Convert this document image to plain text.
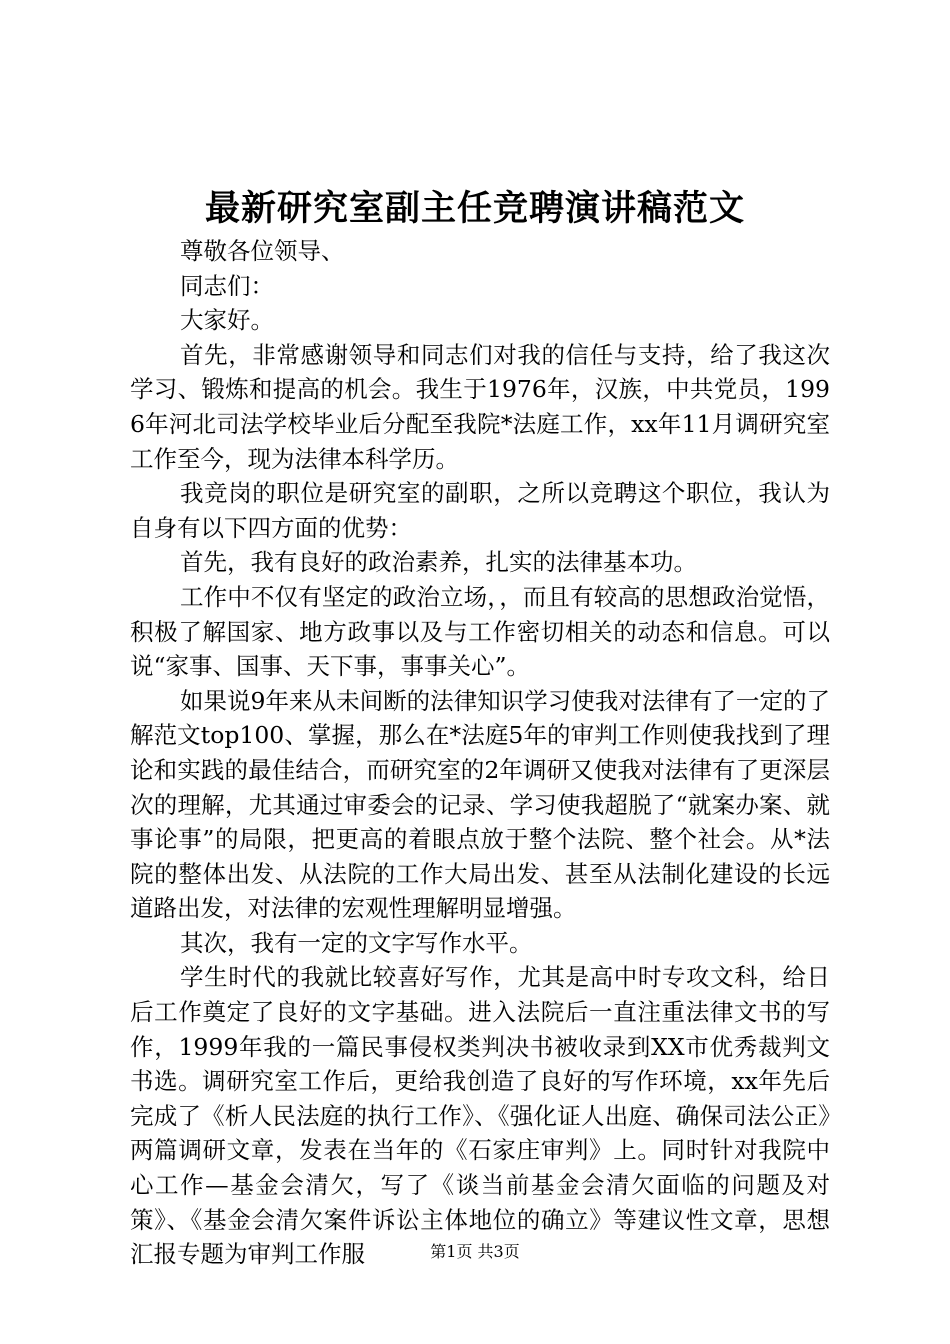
最新研究室副主任竞聘演讲稿范文

尊敬各位领导、

同志们：

大家好。

首先，非常感谢领导和同志们对我的信任与支持，给了我这次学习、锻炼和提高的机会。我生于1976年，汉族，中共党员，1996年河北司法学校毕业后分配至我院*法庭工作，xx年11月调研究室工作至今，现为法律本科学历。

我竞岗的职位是研究室的副职，之所以竞聘这个职位，我认为自身有以下四方面的优势：

首先，我有良好的政治素养，扎实的法律基本功。

工作中不仅有坚定的政治立场，，而且有较高的思想政治觉悟，积极了解国家、地方政事以及与工作密切相关的动态和信息。可以说“家事、国事、天下事，事事关心”。

如果说9年来从未间断的法律知识学习使我对法律有了一定的了解范文top100、掌握，那么在*法庭5年的审判工作则使我找到了理论和实践的最佳结合，而研究室的2年调研又使我对法律有了更深层次的理解，尤其通过审委会的记录、学习使我超脱了“就案办案、就事论事”的局限，把更高的着眼点放于整个法院、整个社会。从*法院的整体出发、从法院的工作大局出发、甚至从法制化建设的长远道路出发，对法律的宏观性理解明显增强。

其次，我有一定的文字写作水平。

学生时代的我就比较喜好写作，尤其是高中时专攻文科，给日后工作奠定了良好的文字基础。进入法院后一直注重法律文书的写作，1999年我的一篇民事侵权类判决书被收录到XX市优秀裁判文书选。调研究室工作后，更给我创造了良好的写作环境，xx年先后完成了《析人民法庭的执行工作》、《强化证人出庭、确保司法公正》两篇调研文章，发表在当年的《石家庄审判》上。同时针对我院中心工作—基金会清欠，写了《谈当前基金会清欠面临的问题及对策》、《基金会清欠案件诉讼主体地位的确立》等建议性文章，思想汇报专题为审判工作服	第1页 共3页
